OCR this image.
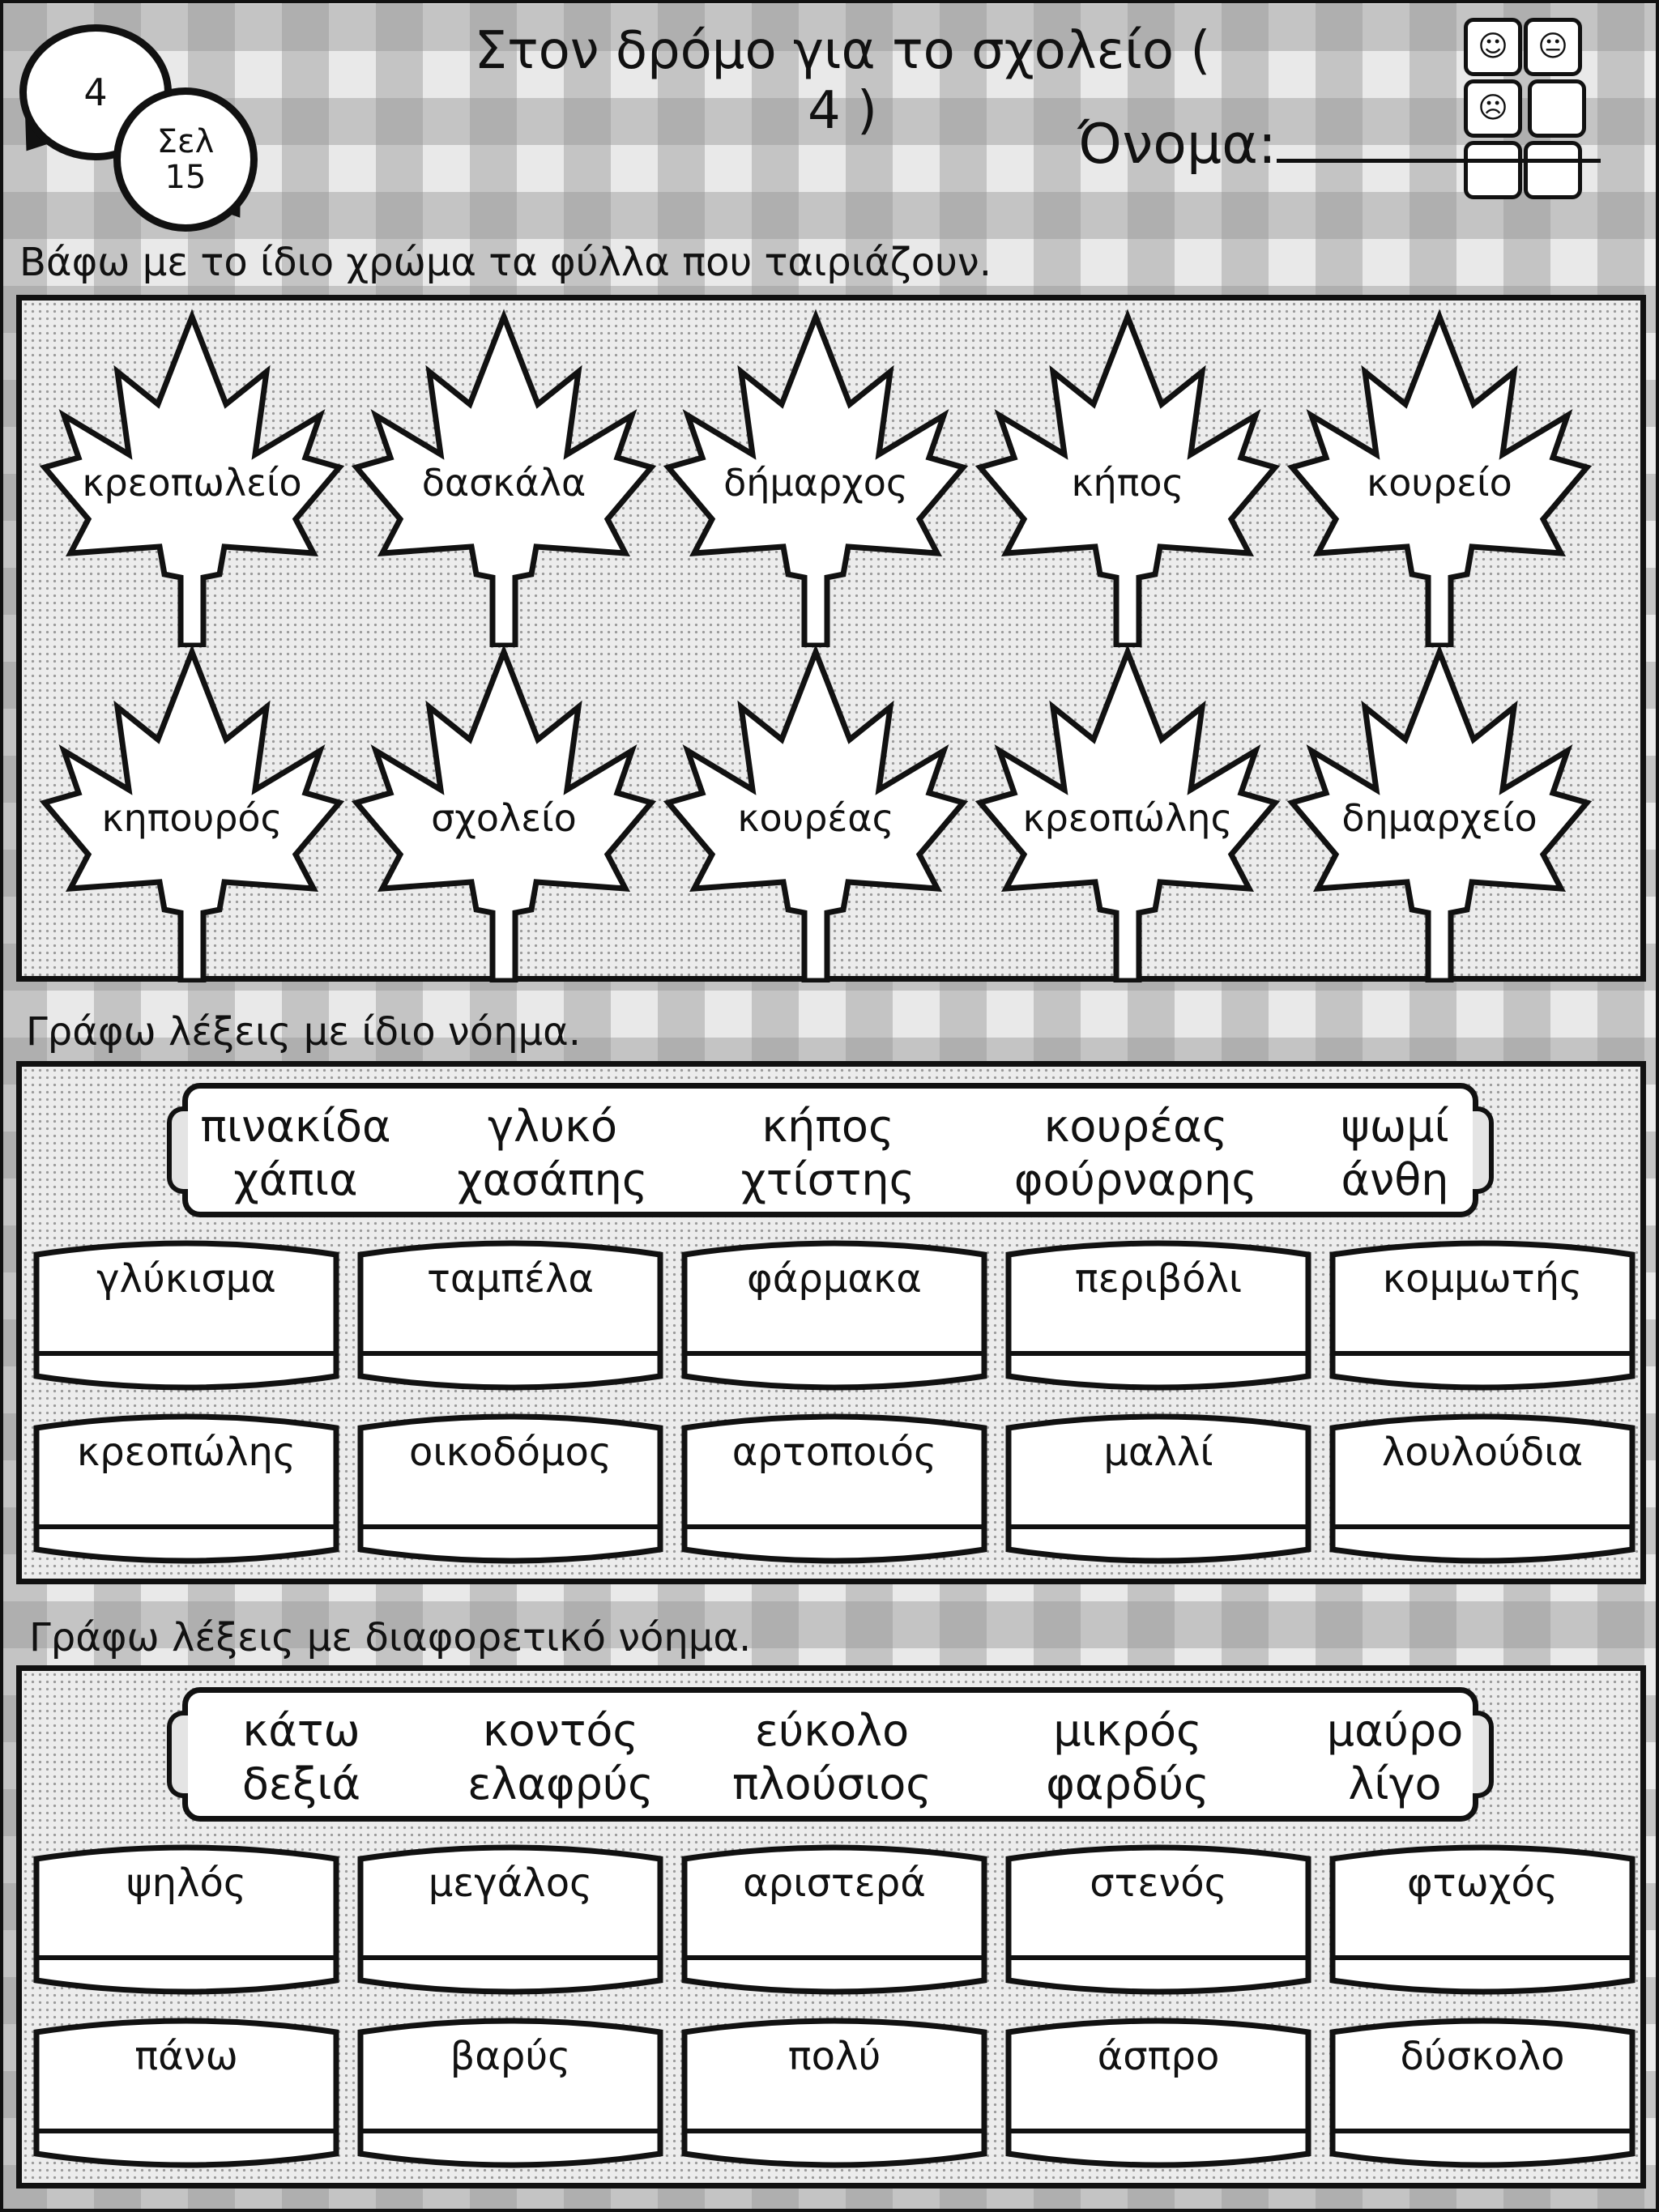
4
Σελ
15
Στον δρόμο για το σχολείο ( 4 )
☺ 😐☹
Όνομα:
Βάφω με το ίδιο χρώμα τα φύλλα που ταιριάζουν.
κρεοπωλείο	δασκάλα	δήμαρχος	κήπος	κουρείο
κηπουρός	σχολείο	κουρέας	κρεοπώλης	δημαρχείο
Γράφω λέξεις με ίδιο νόημα.
πινακίδα
χάπια
γλυκό
χασάπης
κήπος
χτίστης
κουρέας
φούρναρης
ψωμί
άνθη
γλύκισμα	ταμπέλα	φάρμακα	περιβόλι	κομμωτής
κρεοπώλης	οικοδόμος	αρτοποιός	μαλλί	λουλούδια
Γράφω λέξεις με διαφορετικό νόημα.
κάτω
δεξιά
κοντός
ελαφρύς
εύκολο
πλούσιος
μικρός
φαρδύς
μαύρο
λίγο
ψηλός	μεγάλος	αριστερά	στενός	φτωχός
πάνω	βαρύς	πολύ	άσπρο	δύσκολο
